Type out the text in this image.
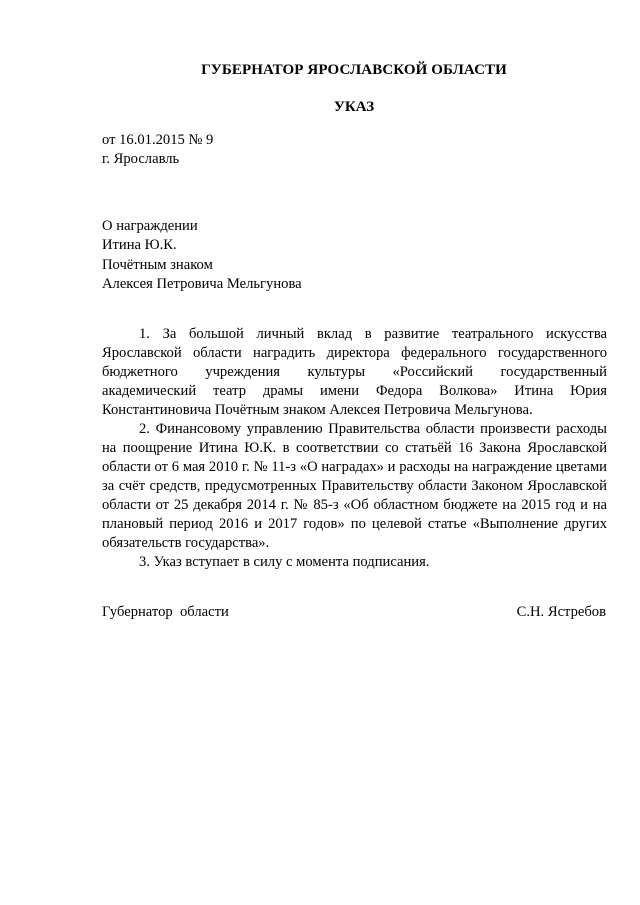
ГУБЕРНАТОР ЯРОСЛАВСКОЙ ОБЛАСТИ
УКАЗ
от 16.01.2015 № 9
г. Ярославль
О награждении
Итина Ю.К.
Почётным знаком
Алексея Петровича Мельгунова

1. За большой личный вклад в развитие театрального искусства Ярославской области наградить директора федерального государственного бюджетного учреждения культуры «Российский государственный академический театр драмы имени Федора Волкова» Итина Юрия Константиновича Почётным знаком Алексея Петровича Мельгунова.

2. Финансовому управлению Правительства области произвести расходы на поощрение Итина Ю.К. в соответствии со статьёй 16 Закона Ярославской области от 6 мая 2010 г. № 11-з «О наградах» и расходы на награждение цветами за счёт средств, предусмотренных Правительству области Законом Ярославской области от 25 декабря 2014 г. № 85-з «Об областном бюджете на 2015 год и на плановый период 2016 и 2017 годов» по целевой статье «Выполнение других обязательств государства».

3. Указ вступает в силу с момента подписания.

Губернатор  области	С.Н. Ястребов
